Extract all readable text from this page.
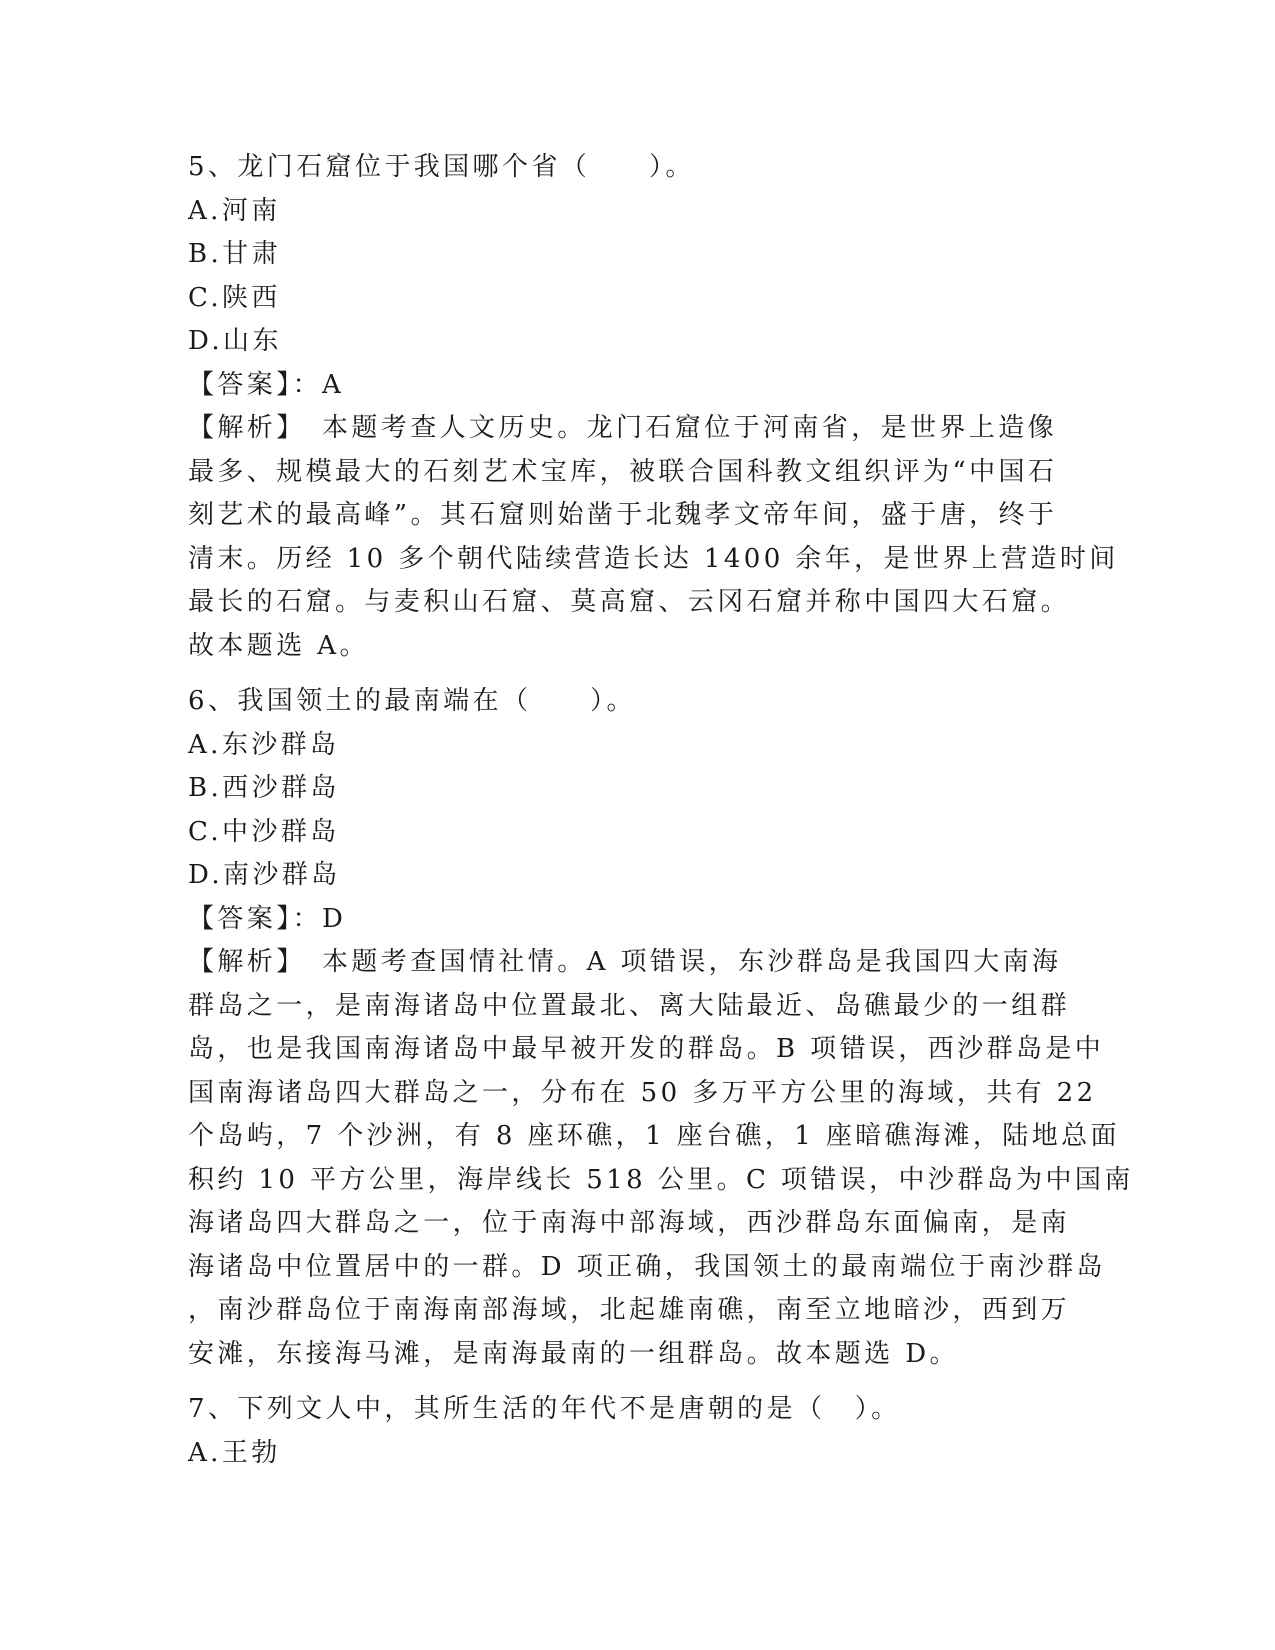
5、龙门石窟位于我国哪个省（　　）。
A.河南
B.甘肃
C.陕西
D.山东
【答案】：A
【解析】　本题考查人文历史。龙门石窟位于河南省，是世界上造像
最多、规模最大的石刻艺术宝库，被联合国科教文组织评为“中国石
刻艺术的最高峰”。其石窟则始凿于北魏孝文帝年间，盛于唐，终于
清末。历经 10 多个朝代陆续营造长达 1400 余年，是世界上营造时间
最长的石窟。与麦积山石窟、莫高窟、云冈石窟并称中国四大石窟。
故本题选 A。
6、我国领土的最南端在（　　）。
A.东沙群岛
B.西沙群岛
C.中沙群岛
D.南沙群岛
【答案】：D
【解析】　本题考查国情社情。A 项错误，东沙群岛是我国四大南海
群岛之一，是南海诸岛中位置最北、离大陆最近、岛礁最少的一组群
岛，也是我国南海诸岛中最早被开发的群岛。B 项错误，西沙群岛是中
国南海诸岛四大群岛之一，分布在 50 多万平方公里的海域，共有 22
个岛屿，7 个沙洲，有 8 座环礁，1 座台礁，1 座暗礁海滩，陆地总面
积约 10 平方公里，海岸线长 518 公里。C 项错误，中沙群岛为中国南
海诸岛四大群岛之一，位于南海中部海域，西沙群岛东面偏南，是南
海诸岛中位置居中的一群。D 项正确，我国领土的最南端位于南沙群岛
，南沙群岛位于南海南部海域，北起雄南礁，南至立地暗沙，西到万
安滩，东接海马滩，是南海最南的一组群岛。故本题选 D。
7、下列文人中，其所生活的年代不是唐朝的是（　）。
A.王勃
